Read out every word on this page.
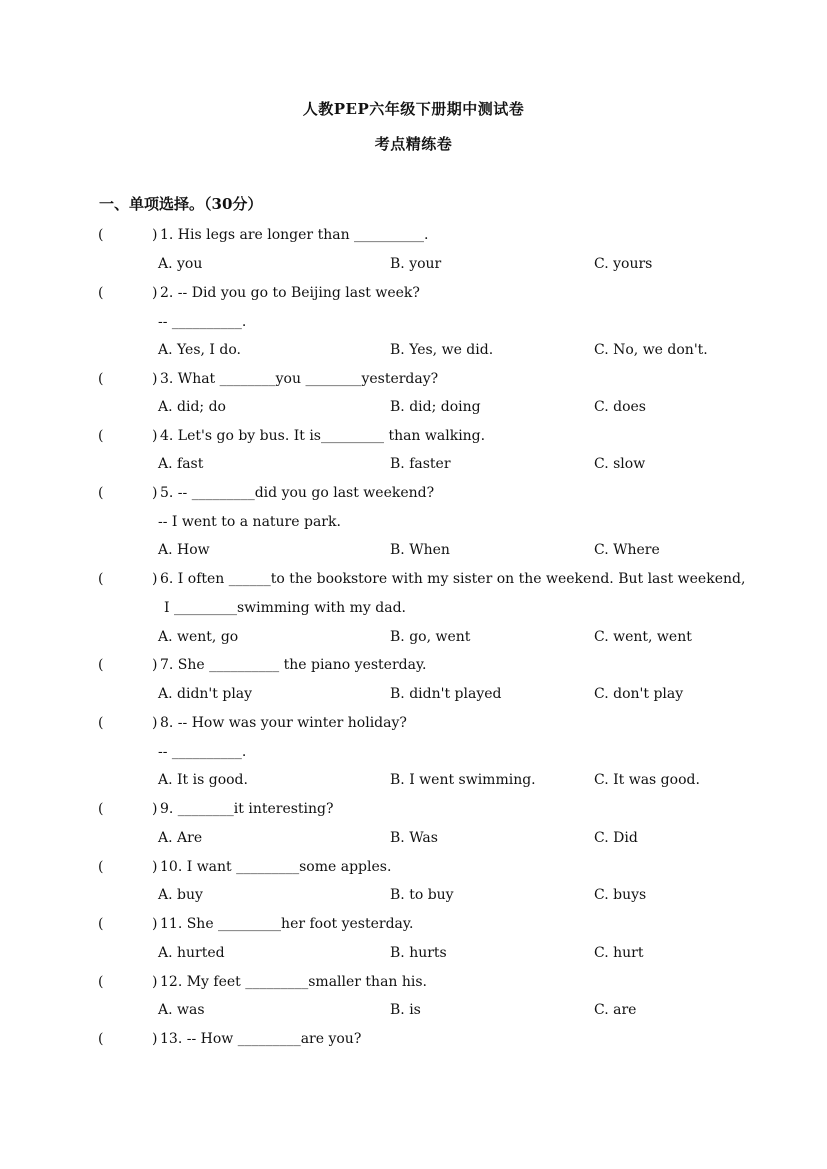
人教PEP六年级下册期中测试卷
考点精练卷
一、单项选择。（30分）
(	) 1. His legs are longer than __________.
A. you	B. your	C. yours
(	) 2. -- Did you go to Beijing last week?
-- __________.
A. Yes, I do.	B. Yes, we did.	C. No, we don't.
(	) 3. What ________you ________yesterday?
A. did; do	B. did; doing	C. does
(	) 4. Let's go by bus. It is_________ than walking.
A. fast	B. faster	C. slow
(	) 5. -- _________did you go last weekend?
-- I went to a nature park.
A. How	B. When	C. Where
(	) 6. I often ______to the bookstore with my sister on the weekend. But last weekend,
I _________swimming with my dad.
A. went, go	B. go, went	C. went, went
(	) 7. She __________ the piano yesterday.
A. didn't play	B. didn't played	C. don't play
(	) 8. -- How was your winter holiday?
-- __________.
A. It is good.	B. I went swimming.	C. It was good.
(	) 9. ________it interesting?
A. Are	B. Was	C. Did
(	) 10. I want _________some apples.
A. buy	B. to buy	C. buys
(	) 11. She _________her foot yesterday.
A. hurted	B. hurts	C. hurt
(	) 12. My feet _________smaller than his.
A. was	B. is	C. are
(	) 13. -- How _________are you?
